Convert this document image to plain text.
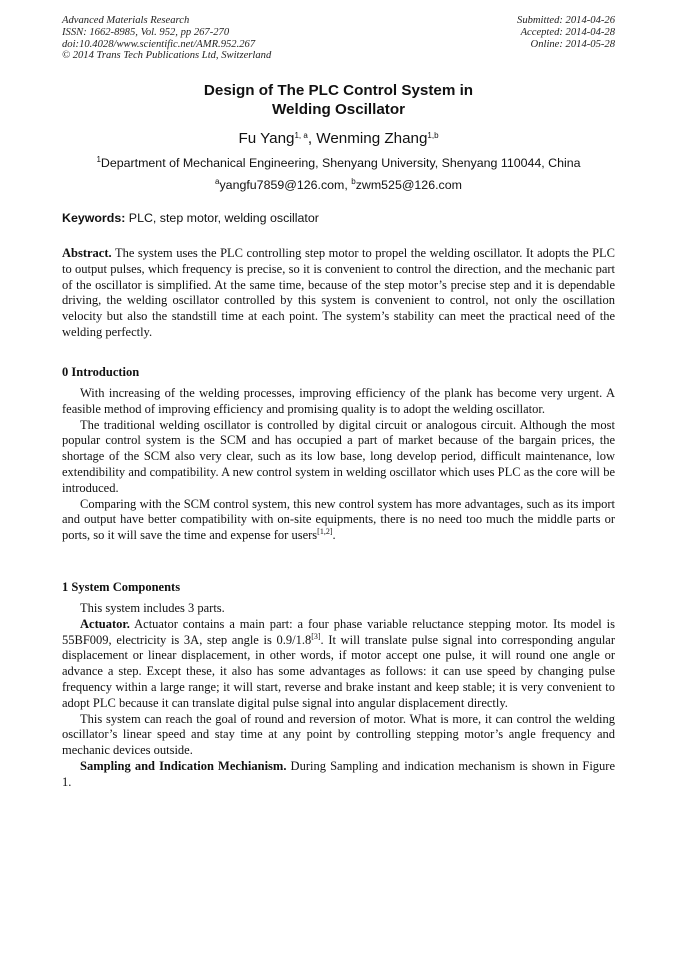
Advanced Materials Research
ISSN: 1662-8985, Vol. 952, pp 267-270
doi:10.4028/www.scientific.net/AMR.952.267
© 2014 Trans Tech Publications Ltd, Switzerland
Submitted: 2014-04-26
Accepted: 2014-04-28
Online: 2014-05-28
Design of The PLC Control System in
Welding Oscillator
Fu Yang$^{1, a}$, Wenming Zhang$^{1,b}$
$^1$Department of Mechanical Engineering, Shenyang University, Shenyang 110044, China
$^a$yangfu7859@126.com, $^b$zwm525@126.com
Keywords: PLC, step motor, welding oscillator

Abstract. The system uses the PLC controlling step motor to propel the welding oscillator. It adopts the PLC to output pulses, which frequency is precise, so it is convenient to control the direction, and the mechanic part of the oscillator is simplified. At the same time, because of the step motor’s precise step and it is dependable driving, the welding oscillator controlled by this system is convenient to control, not only the oscillation velocity but also the standstill time at each point. The system’s stability can meet the practical need of the welding perfectly.

0 Introduction

With increasing of the welding processes, improving efficiency of the plank has become very urgent. A feasible method of improving efficiency and promising quality is to adopt the welding oscillator.

The traditional welding oscillator is controlled by digital circuit or analogous circuit. Although the most popular control system is the SCM and has occupied a part of market because of the bargain prices, the shortage of the SCM also very clear, such as its low base, long develop period, difficult maintenance, low extendibility and compatibility. A new control system in welding oscillator which uses PLC as the core will be introduced.

Comparing with the SCM control system, this new control system has more advantages, such as its import and output have better compatibility with on-site equipments, there is no need too much the middle parts or ports, so it will save the time and expense for users[1,2].

1 System Components

This system includes 3 parts.

Actuator. Actuator contains a main part: a four phase variable reluctance stepping motor. Its model is 55BF009, electricity is 3A, step angle is 0.9/1.8[3]. It will translate pulse signal into corresponding angular displacement or linear displacement, in other words, if motor accept one pulse, it will round one angle or advance a step. Except these, it also has some advantages as follows: it can use speed by changing pulse frequency within a large range; it will start, reverse and brake instant and keep stable; it is very convenient to adopt PLC because it can translate digital pulse signal into angular displacement directly.

This system can reach the goal of round and reversion of motor. What is more, it can control the welding oscillator’s linear speed and stay time at any point by controlling stepping motor’s angle frequency and mechanic devices outside.

Sampling and Indication Mechianism. During Sampling and indication mechanism is shown in Figure 1.
